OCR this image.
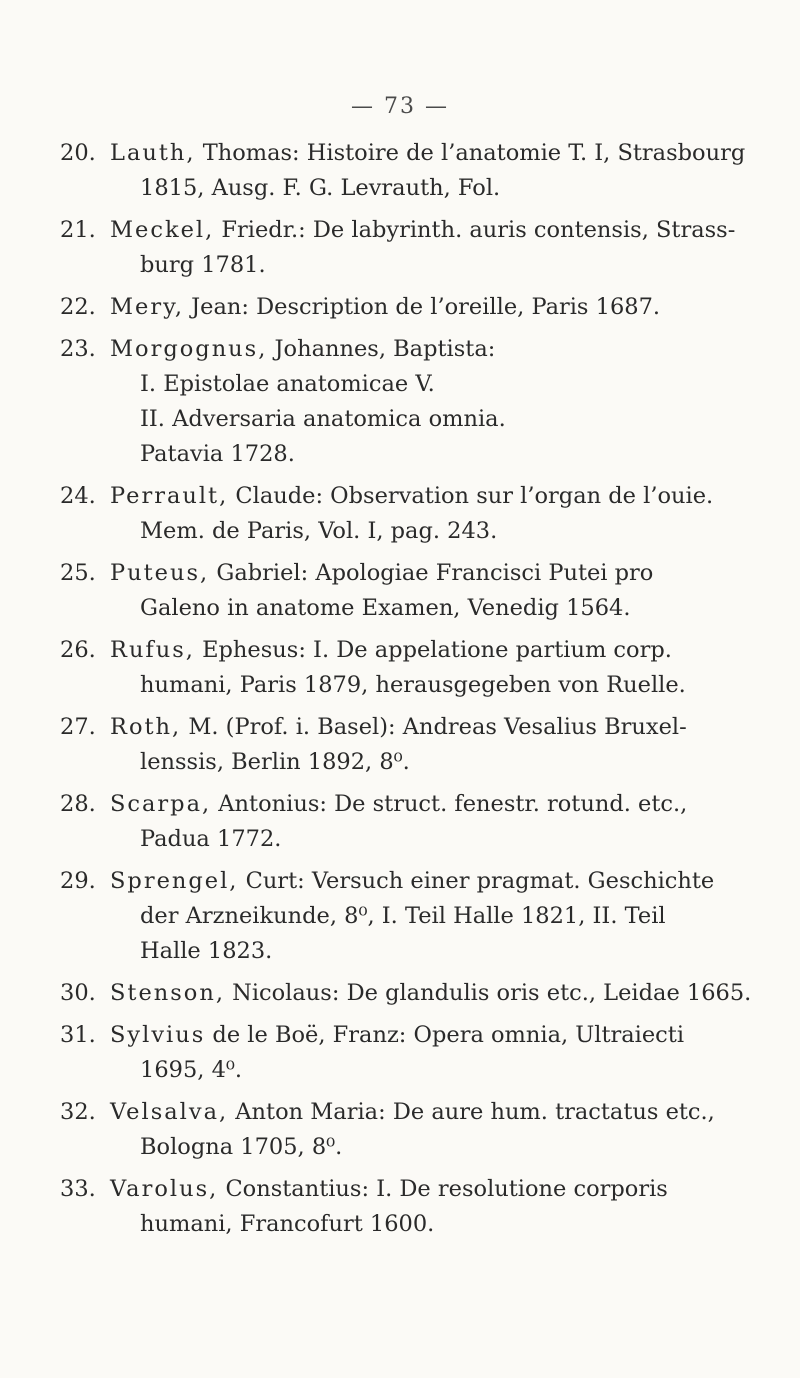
— 73 —
20. Lauth, Thomas: Histoire de l’anatomie T. I, Strasbourg
1815, Ausg. F. G. Levrauth, Fol.
21. Meckel, Friedr.: De labyrinth. auris contensis, Strass-
burg 1781.
22. Mery, Jean: Description de l’oreille, Paris 1687.
23. Morgognus, Johannes, Baptista:
I. Epistolae anatomicae V.
II. Adversaria anatomica omnia.
Patavia 1728.
24. Perrault, Claude: Observation sur l’organ de l’ouie.
Mem. de Paris, Vol. I, pag. 243.
25. Puteus, Gabriel: Apologiae Francisci Putei pro
Galeno in anatome Examen, Venedig 1564.
26. Rufus, Ephesus: I. De appelatione partium corp.
humani, Paris 1879, herausgegeben von Ruelle.
27. Roth, M. (Prof. i. Basel): Andreas Vesalius Bruxel-
lenssis, Berlin 1892, 8⁰.
28. Scarpa, Antonius: De struct. fenestr. rotund. etc.,
Padua 1772.
29. Sprengel, Curt: Versuch einer pragmat. Geschichte
der Arzneikunde, 8⁰, I. Teil Halle 1821, II. Teil
Halle 1823.
30. Stenson, Nicolaus: De glandulis oris etc., Leidae 1665.
31. Sylvius de le Boë, Franz: Opera omnia, Ultraiecti
1695, 4⁰.
32. Velsalva, Anton Maria: De aure hum. tractatus etc.,
Bologna 1705, 8⁰.
33. Varolus, Constantius: I. De resolutione corporis
humani, Francofurt 1600.
